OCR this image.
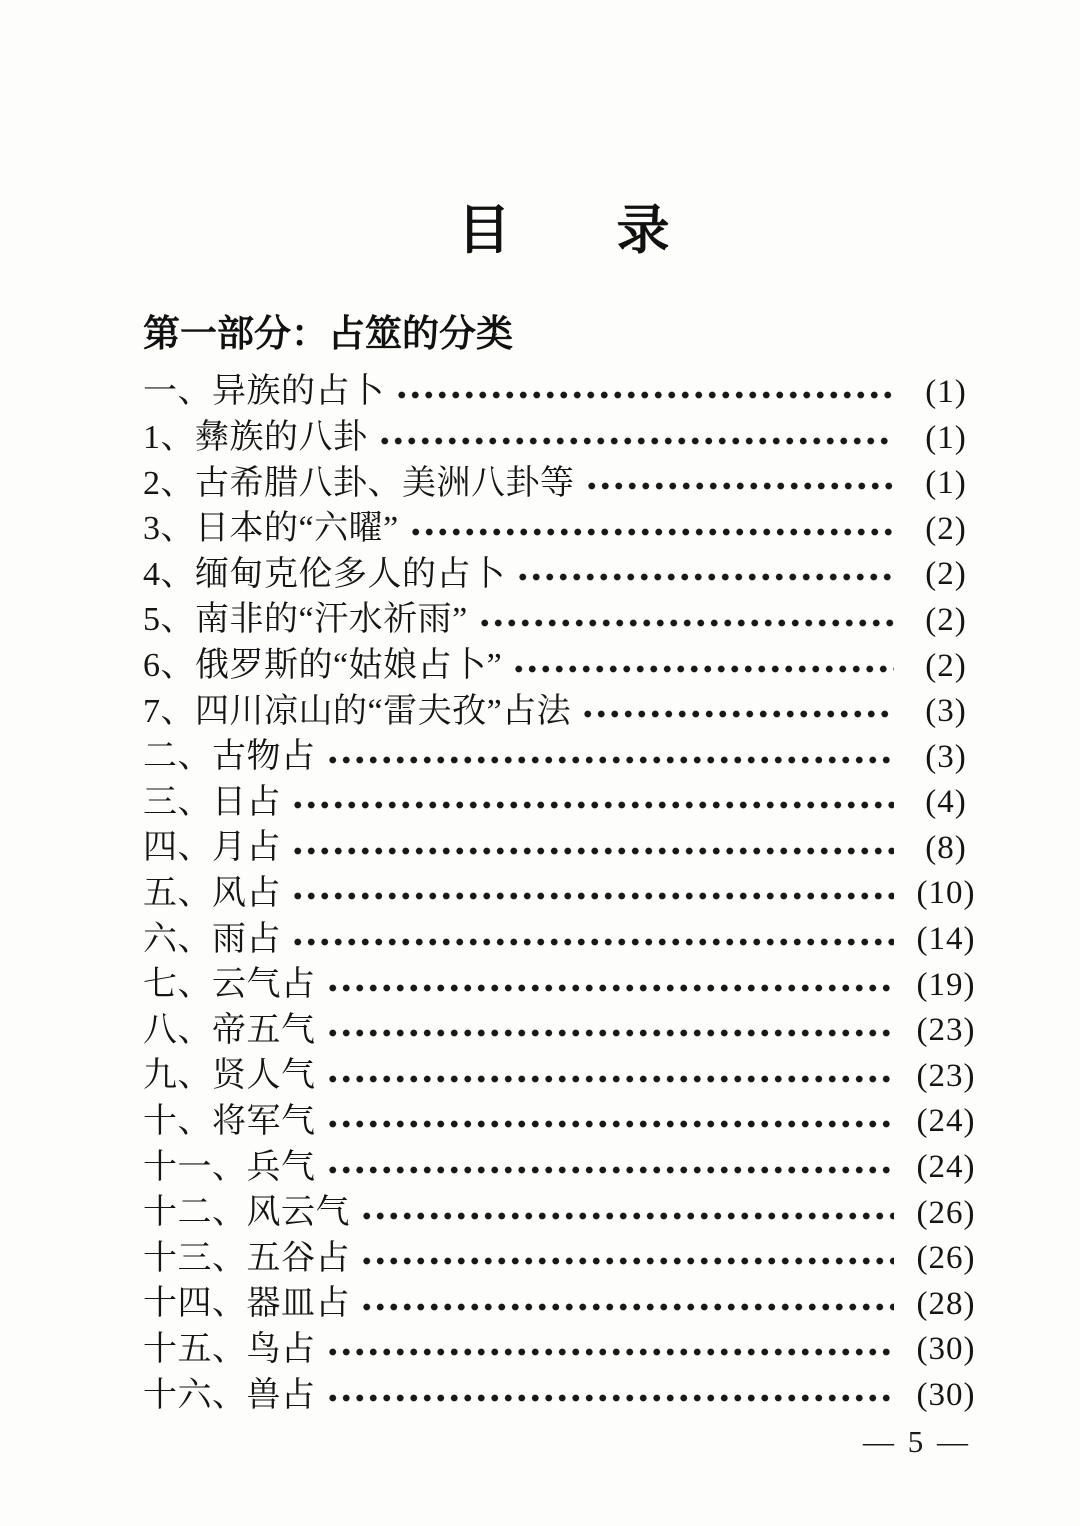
目　　录
第一部分：占筮的分类
一、异族的占卜	(1)
1、彝族的八卦	(1)
2、古希腊八卦、美洲八卦等	(1)
3、日本的“六曜”	(2)
4、缅甸克伦多人的占卜	(2)
5、南非的“汗水祈雨”	(2)
6、俄罗斯的“姑娘占卜”	(2)
7、四川凉山的“雷夫孜”占法	(3)
二、古物占	(3)
三、日占	(4)
四、月占	(8)
五、风占	(10)
六、雨占	(14)
七、云气占	(19)
八、帝五气	(23)
九、贤人气	(23)
十、将军气	(24)
十一、兵气	(24)
十二、风云气	(26)
十三、五谷占	(26)
十四、器皿占	(28)
十五、鸟占	(30)
十六、兽占	(30)
— 5 —
